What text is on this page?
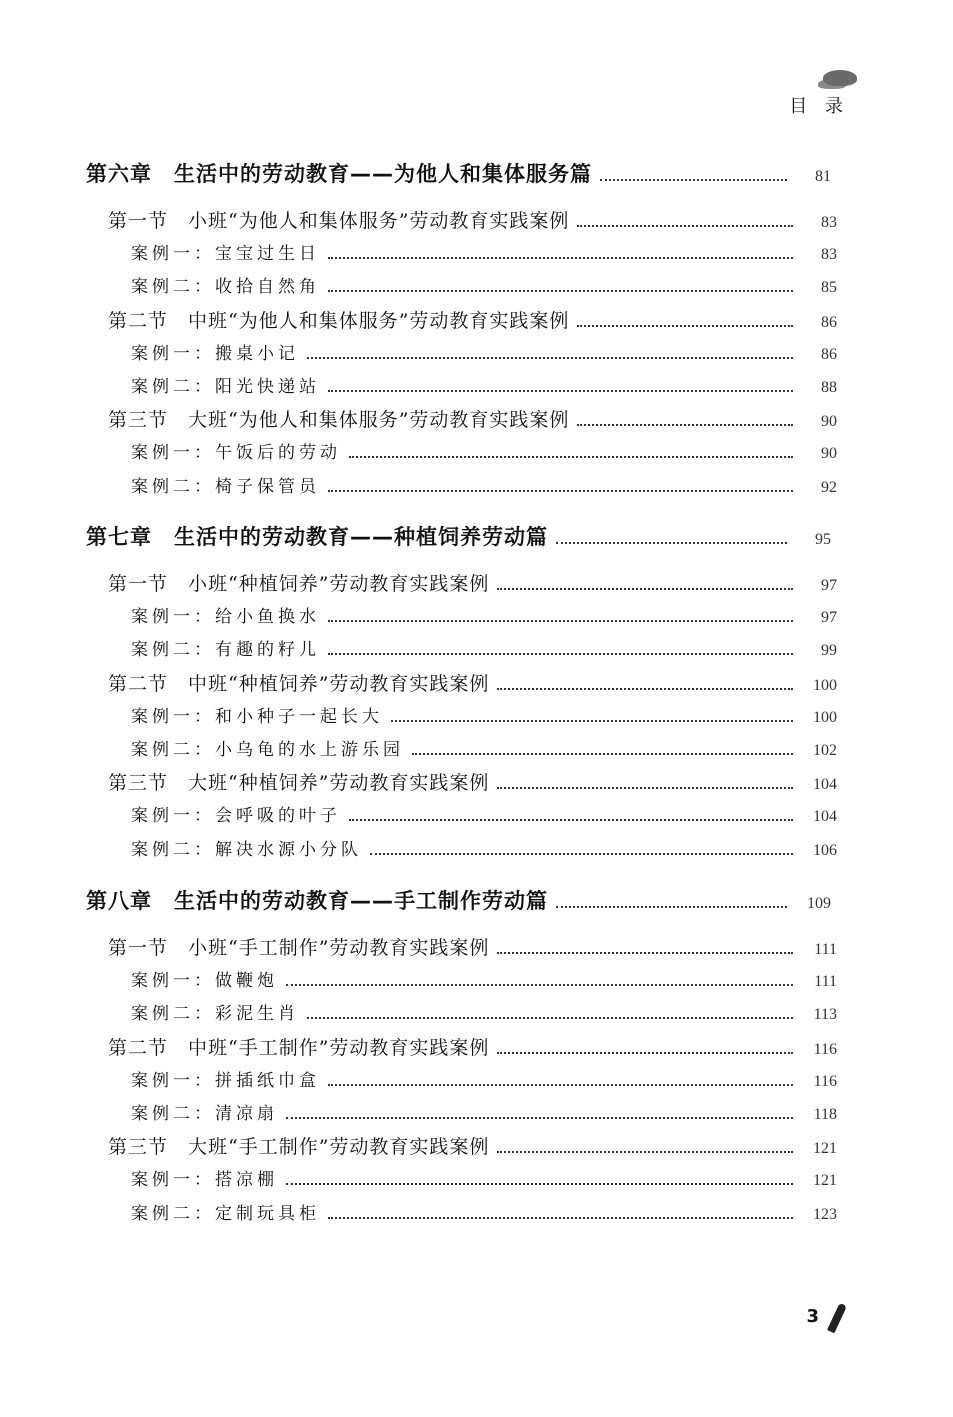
目 录
第六章　生活中的劳动教育——为他人和集体服务篇	81
第一节　小班“为他人和集体服务”劳动教育实践案例	83
案例一：宝宝过生日	83
案例二：收拾自然角	85
第二节　中班“为他人和集体服务”劳动教育实践案例	86
案例一：搬桌小记	86
案例二：阳光快递站	88
第三节　大班“为他人和集体服务”劳动教育实践案例	90
案例一：午饭后的劳动	90
案例二：椅子保管员	92
第七章　生活中的劳动教育——种植饲养劳动篇	95
第一节　小班“种植饲养”劳动教育实践案例	97
案例一：给小鱼换水	97
案例二：有趣的籽儿	99
第二节　中班“种植饲养”劳动教育实践案例	100
案例一：和小种子一起长大	100
案例二：小乌龟的水上游乐园	102
第三节　大班“种植饲养”劳动教育实践案例	104
案例一：会呼吸的叶子	104
案例二：解决水源小分队	106
第八章　生活中的劳动教育——手工制作劳动篇	109
第一节　小班“手工制作”劳动教育实践案例	111
案例一：做鞭炮	111
案例二：彩泥生肖	113
第二节　中班“手工制作”劳动教育实践案例	116
案例一：拼插纸巾盒	116
案例二：清凉扇	118
第三节　大班“手工制作”劳动教育实践案例	121
案例一：搭凉棚	121
案例二：定制玩具柜	123
3
